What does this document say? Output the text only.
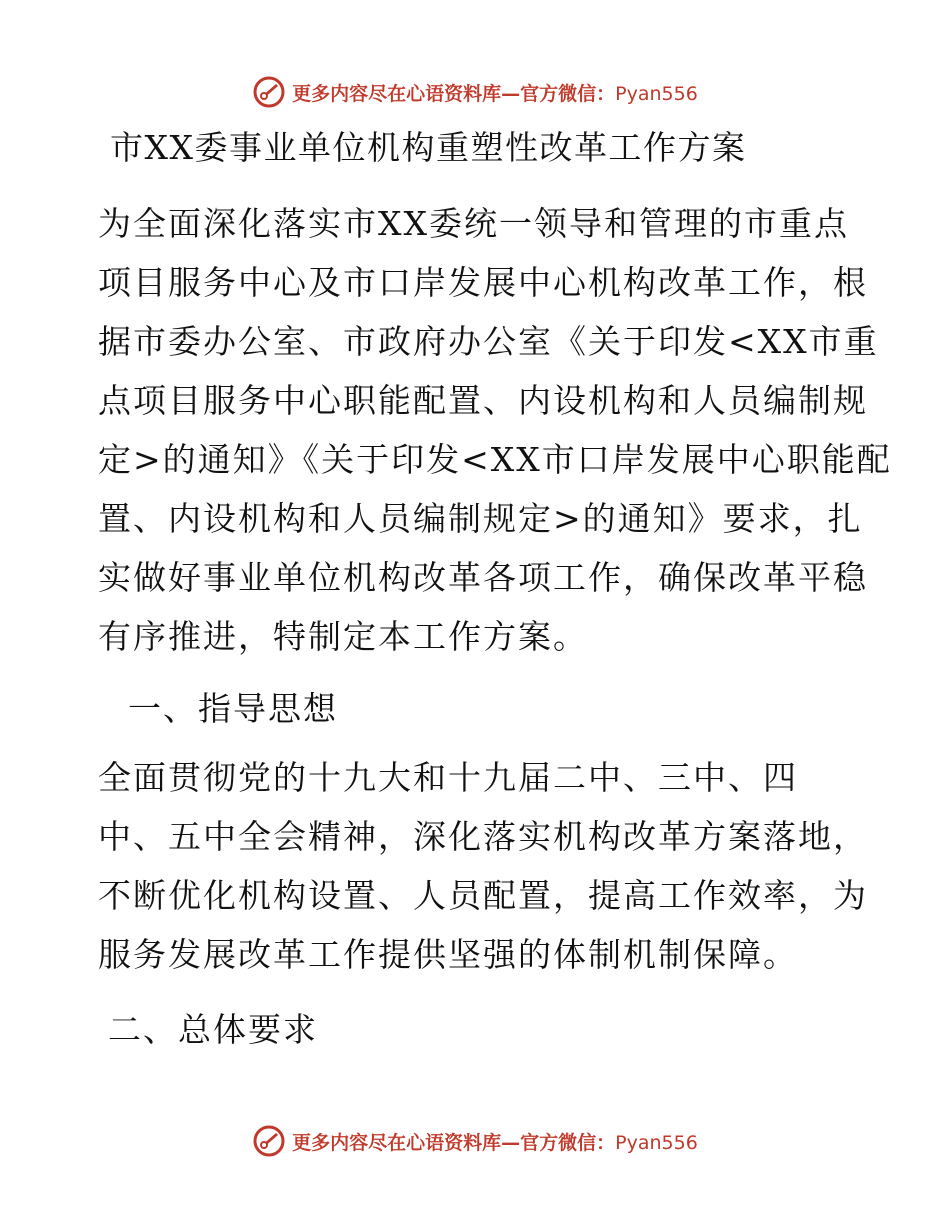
更多内容尽在心语资料库—官方微信：Pyan556
市XX委事业单位机构重塑性改革工作方案
为全面深化落实市XX委统一领导和管理的市重点
项目服务中心及市口岸发展中心机构改革工作，根
据市委办公室、市政府办公室《关于印发<XX市重
点项目服务中心职能配置、内设机构和人员编制规
定>的通知》《关于印发<XX市口岸发展中心职能配
置、内设机构和人员编制规定>的通知》要求，扎
实做好事业单位机构改革各项工作，确保改革平稳
有序推进，特制定本工作方案。
一、指导思想
全面贯彻党的十九大和十九届二中、三中、四
中、五中全会精神，深化落实机构改革方案落地，
不断优化机构设置、人员配置，提高工作效率，为
服务发展改革工作提供坚强的体制机制保障。
二、总体要求
更多内容尽在心语资料库—官方微信：Pyan556
